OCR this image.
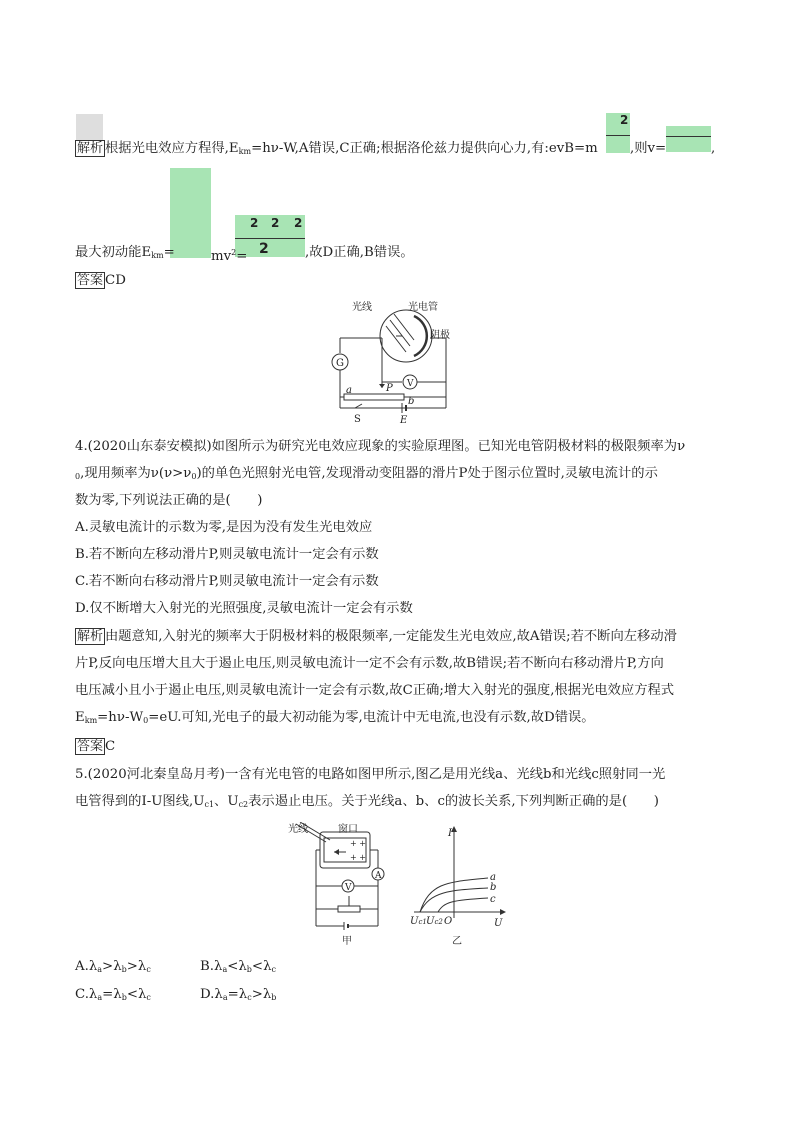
解析 根据光电效应方程得$,E_{km}=h\nu-W,A$错误,C正确;根据洛伦兹力提供向心力,有:evB=m
2
,则v=	,
2 2 2
2
最大初动能$E_{km}=$	$mv^2=$	,故D正确,B错误。
答案 CD
光线	光电管
阴极
G
V
P
a
b
S	E
4.(2020山东泰安模拟)如图所示为研究光电效应现象的实验原理图。已知光电管阴极材料的极限频率为ν
$_0$,现用频率为$\nu(\nu>\nu_0)$的单色光照射光电管,发现滑动变阻器的滑片P处于图示位置时,灵敏电流计的示
数为零,下列说法正确的是(　　)
A.灵敏电流计的示数为零,是因为没有发生光电效应
B.若不断向左移动滑片P,则灵敏电流计一定会有示数
C.若不断向右移动滑片P,则灵敏电流计一定会有示数
D.仅不断增大入射光的光照强度,灵敏电流计一定会有示数
解析 由题意知,入射光的频率大于阴极材料的极限频率,一定能发生光电效应,故A错误;若不断向左移动滑
片P,反向电压增大且大于遏止电压,则灵敏电流计一定不会有示数,故B错误;若不断向右移动滑片P,方向
电压减小且小于遏止电压,则灵敏电流计一定会有示数,故C正确;增大入射光的强度,根据光电效应方程式
$E_{km}=h\nu-W_0=eU$.可知,光电子的最大初动能为零,电流计中无电流,也没有示数,故D错误。
答案 C
5.(2020河北秦皇岛月考)一含有光电管的电路如图甲所示,图乙是用光线a、光线b和光线c照射同一光
电管得到的I-U图线$,U_{c1}$、$U_{c2}$表示遏止电压。关于光线a、b、c的波长关系,下列判断正确的是(　　)
光线	窗口
V
A
+ +
+ +
甲
I
U
O
Uc1 Uc2
a
b
c
乙
$A.\lambda_a>\lambda_b>\lambda_c$	$B.\lambda_a<\lambda_b<\lambda_c$
$C.\lambda_a=\lambda_b<\lambda_c$	$D.\lambda_a=\lambda_c>\lambda_b$
